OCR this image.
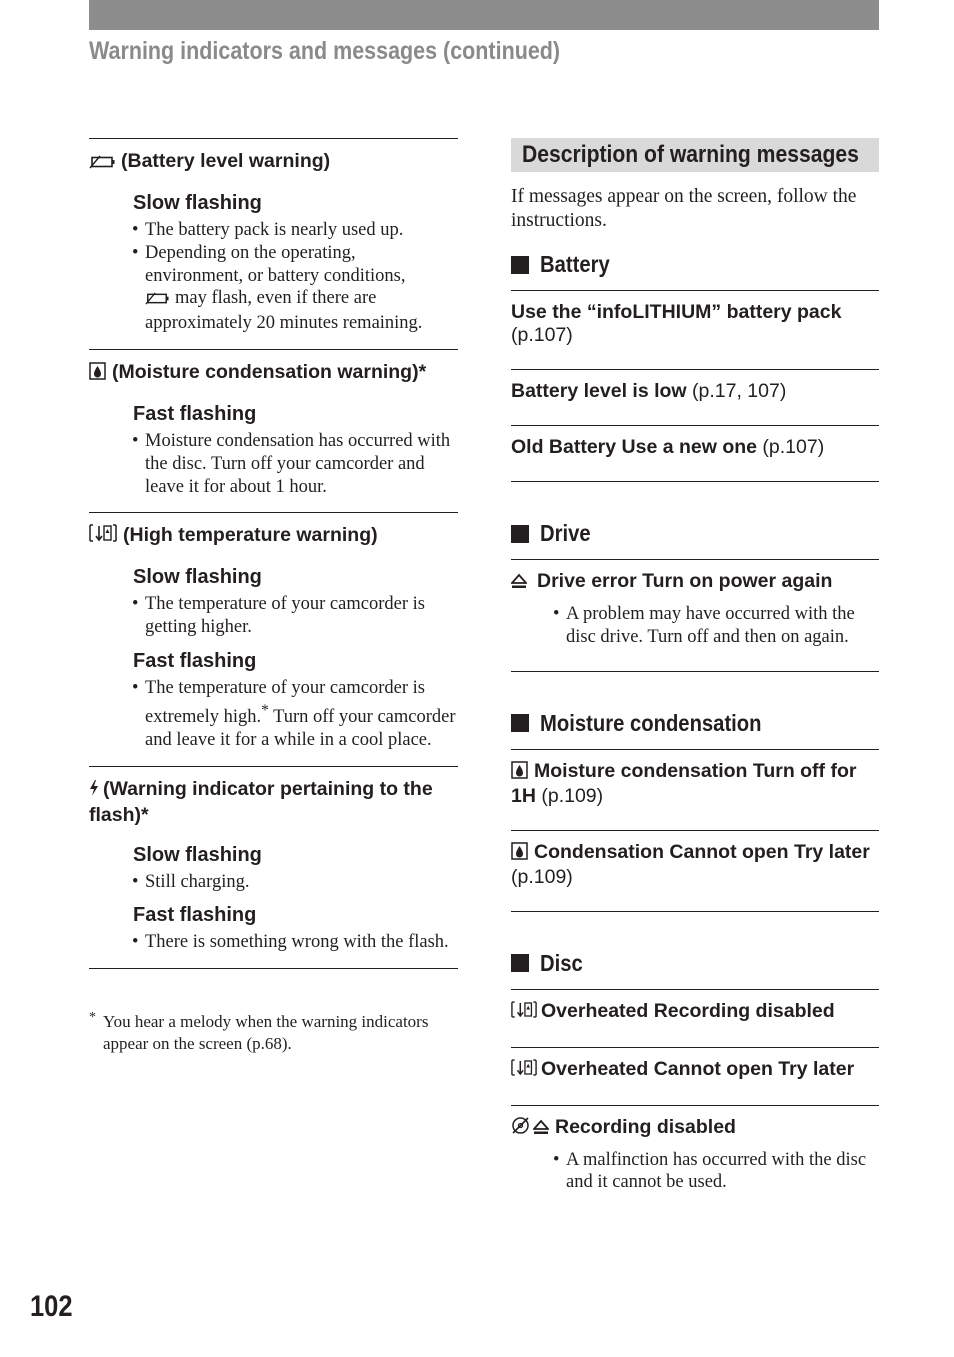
Warning indicators and messages (continued)
(Battery level warning)
Slow flashing
• The battery pack is nearly used up.
• Depending on the operating, environment, or battery conditions,
may flash, even if there are approximately 20 minutes remaining.
(Moisture condensation warning)*
Fast flashing
• Moisture condensation has occurred with the disc. Turn off your camcorder and leave it for about 1 hour.
(High temperature warning)
Slow flashing
• The temperature of your camcorder is getting higher.
Fast flashing
• The temperature of your camcorder is extremely high.* Turn off your camcorder and leave it for a while in a cool place.
(Warning indicator pertaining to the flash)*
Slow flashing
• Still charging.
Fast flashing
• There is something wrong with the flash.
* You hear a melody when the warning indicators appear on the screen (p.68).
Description of warning messages

If messages appear on the screen, follow the instructions.

Battery
Use the “infoLITHIUM” battery pack
(p.107)
Battery level is low (p.17, 107)
Old Battery Use a new one (p.107)
Drive
Drive error Turn on power again
• A problem may have occurred with the disc drive. Turn off and then on again.
Moisture condensation
Moisture condensation Turn off for 1H (p.109)
Condensation Cannot open Try later (p.109)
Disc
Overheated Recording disabled
Overheated Cannot open Try later
Recording disabled
• A malfinction has occurred with the disc and it cannot be used.
102
